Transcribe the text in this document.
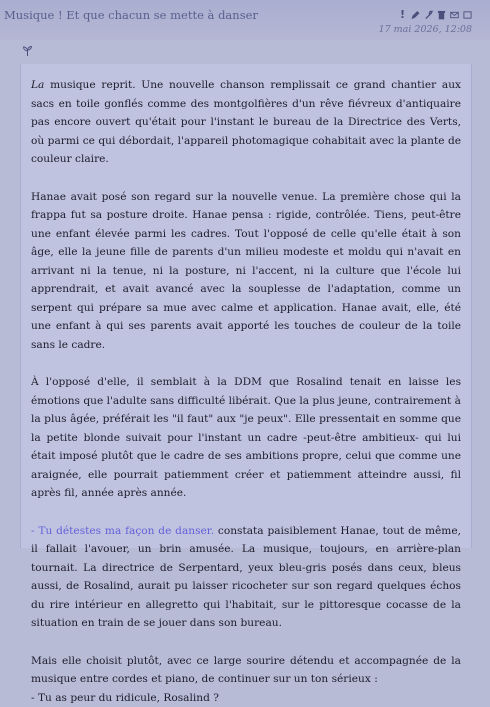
Musique ! Et que chacun se mette à danser	!
17 mai 2026, 12:08

La musique reprit. Une nouvelle chanson remplissait ce grand chantier aux sacs en toile gonflés comme des montgolfières d'un rêve fiévreux d'antiquaire pas encore ouvert qu'était pour l'instant le bureau de la Directrice des Verts, où parmi ce qui débordait, l'appareil photomagique cohabitait avec la plante de couleur claire.

Hanae avait posé son regard sur la nouvelle venue. La première chose qui la frappa fut sa posture droite. Hanae pensa : rigide, contrôlée. Tiens, peut-être une enfant élevée parmi les cadres. Tout l'opposé de celle qu'elle était à son âge, elle la jeune fille de parents d'un milieu modeste et moldu qui n'avait en arrivant ni la tenue, ni la posture, ni l'accent, ni la culture que l'école lui apprendrait, et avait avancé avec la souplesse de l'adaptation, comme un serpent qui prépare sa mue avec calme et application. Hanae avait, elle, été une enfant à qui ses parents avait apporté les touches de couleur de la toile sans le cadre.

À l'opposé d'elle, il semblait à la DDM que Rosalind tenait en laisse les émotions que l'adulte sans difficulté libérait. Que la plus jeune, contrairement à la plus âgée, préférait les "il faut" aux "je peux". Elle pressentait en somme que la petite blonde suivait pour l'instant un cadre -peut-être ambitieux- qui lui était imposé plutôt que le cadre de ses ambitions propre, celui que comme une araignée, elle pourrait patiemment créer et patiemment atteindre aussi, fil après fil, année après année.

- Tu détestes ma façon de danser. constata paisiblement Hanae, tout de même, il fallait l'avouer, un brin amusée. La musique, toujours, en arrière-plan tournait. La directrice de Serpentard, yeux bleu-gris posés dans ceux, bleus aussi, de Rosalind, aurait pu laisser ricocheter sur son regard quelques échos du rire intérieur en allegretto qui l'habitait, sur le pittoresque cocasse de la situation en train de se jouer dans son bureau.

Mais elle choisit plutôt, avec ce large sourire détendu et accompagnée de la musique entre cordes et piano, de continuer sur un ton sérieux :

- Tu as peur du ridicule, Rosalind ?
